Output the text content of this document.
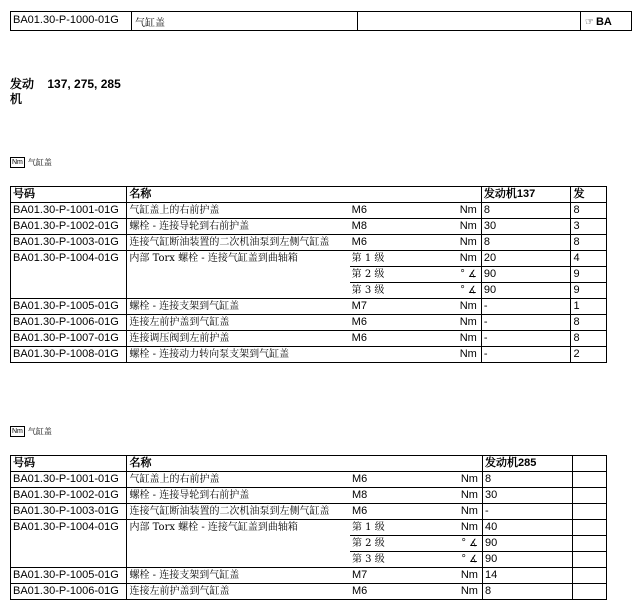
BA01.30-P-1000-01G	气缸盖	☞ BA
发动
机 137, 275, 285
Nm 气缸盖
号码	名称			发动机137	发
BA01.30-P-1001-01G	气缸盖上的右前护盖	M6	Nm	8	8
BA01.30-P-1002-01G	螺栓 - 连接导轮到右前护盖	M8	Nm	30	3
BA01.30-P-1003-01G	连接气缸断油装置的二次机油泵到左侧气缸盖	M6	Nm	8	8
BA01.30-P-1004-01G	内部 Torx 螺栓 - 连接气缸盖到曲轴箱	第 1 级	Nm	20	4
		第 2 级	° ∡	90	9
		第 3 级	° ∡	90	9
BA01.30-P-1005-01G	螺栓 - 连接支架到气缸盖	M7	Nm	-	1
BA01.30-P-1006-01G	连接左前护盖到气缸盖	M6	Nm	-	8
BA01.30-P-1007-01G	连接调压阀到左前护盖	M6	Nm	-	8
BA01.30-P-1008-01G	螺栓 - 连接动力转向泵支架到气缸盖		Nm	-	2
Nm 气缸盖
号码	名称			发动机285	
BA01.30-P-1001-01G	气缸盖上的右前护盖	M6	Nm	8	
BA01.30-P-1002-01G	螺栓 - 连接导轮到右前护盖	M8	Nm	30	
BA01.30-P-1003-01G	连接气缸断油装置的二次机油泵到左侧气缸盖	M6	Nm	-	
BA01.30-P-1004-01G	内部 Torx 螺栓 - 连接气缸盖到曲轴箱	第 1 级	Nm	40	
		第 2 级	° ∡	90	
		第 3 级	° ∡	90	
BA01.30-P-1005-01G	螺栓 - 连接支架到气缸盖	M7	Nm	14	
BA01.30-P-1006-01G	连接左前护盖到气缸盖	M6	Nm	8	
